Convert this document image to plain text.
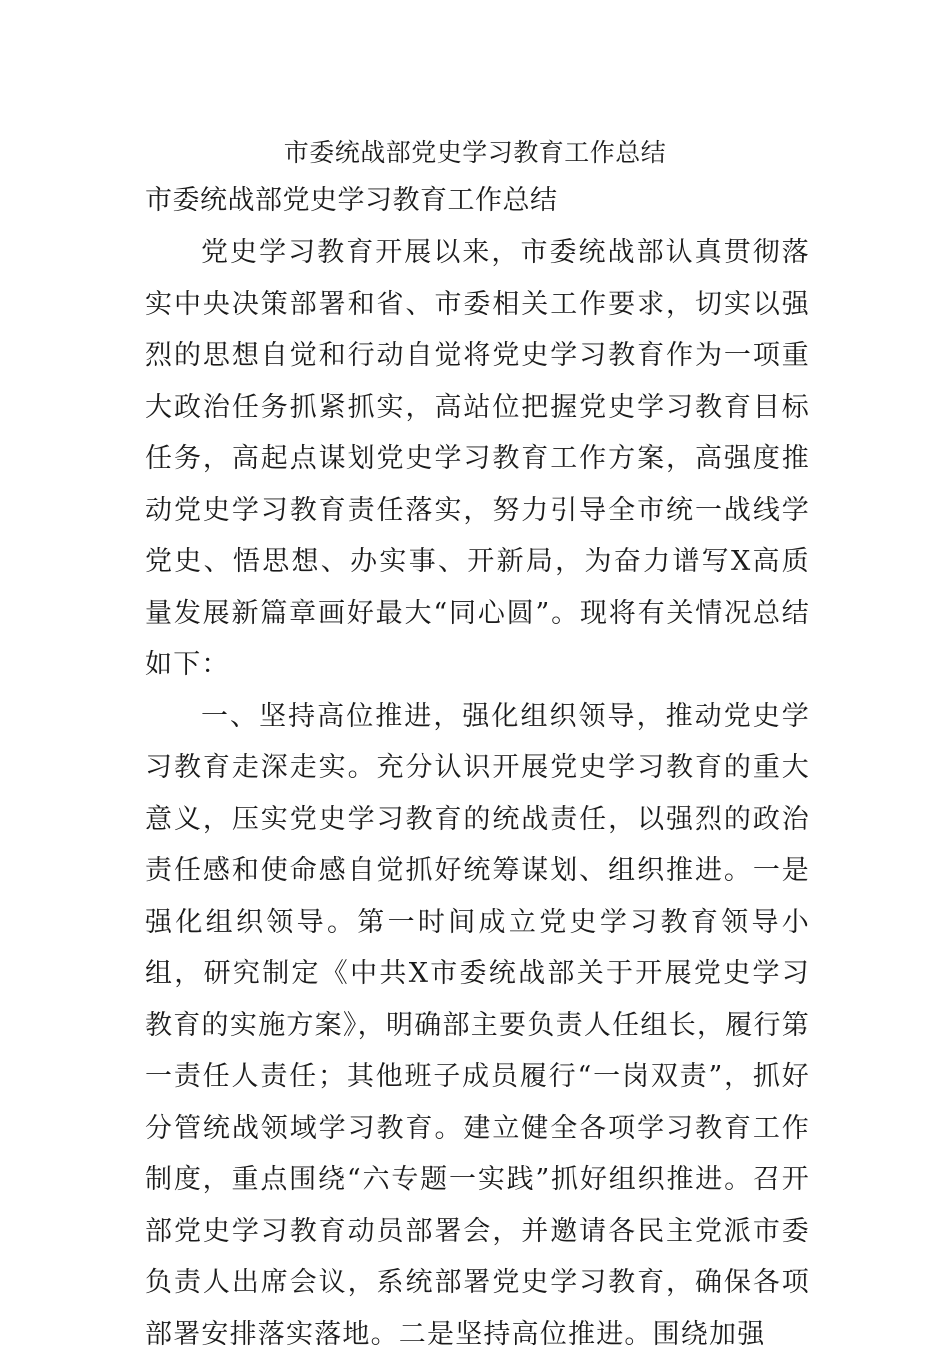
市委统战部党史学习教育工作总结
市委统战部党史学习教育工作总结

党史学习教育开展以来，市委统战部认真贯彻落实中央决策部署和省、市委相关工作要求，切实以强烈的思想自觉和行动自觉将党史学习教育作为一项重大政治任务抓紧抓实，高站位把握党史学习教育目标任务，高起点谋划党史学习教育工作方案，高强度推动党史学习教育责任落实，努力引导全市统一战线学党史、悟思想、办实事、开新局，为奋力谱写X高质量发展新篇章画好最大“同心圆”。现将有关情况总结如下：

一、坚持高位推进，强化组织领导，推动党史学习教育走深走实。充分认识开展党史学习教育的重大意义，压实党史学习教育的统战责任，以强烈的政治责任感和使命感自觉抓好统筹谋划、组织推进。一是强化组织领导。第一时间成立党史学习教育领导小组，研究制定《中共X市委统战部关于开展党史学习教育的实施方案》，明确部主要负责人任组长，履行第一责任人责任；其他班子成员履行“一岗双责”，抓好分管统战领域学习教育。建立健全各项学习教育工作制度，重点围绕“六专题一实践”抓好组织推进。召开部党史学习教育动员部署会，并邀请各民主党派市委负责人出席会议，系统部署党史学习教育，确保各项部署安排落实落地。二是坚持高位推进。围绕加强
